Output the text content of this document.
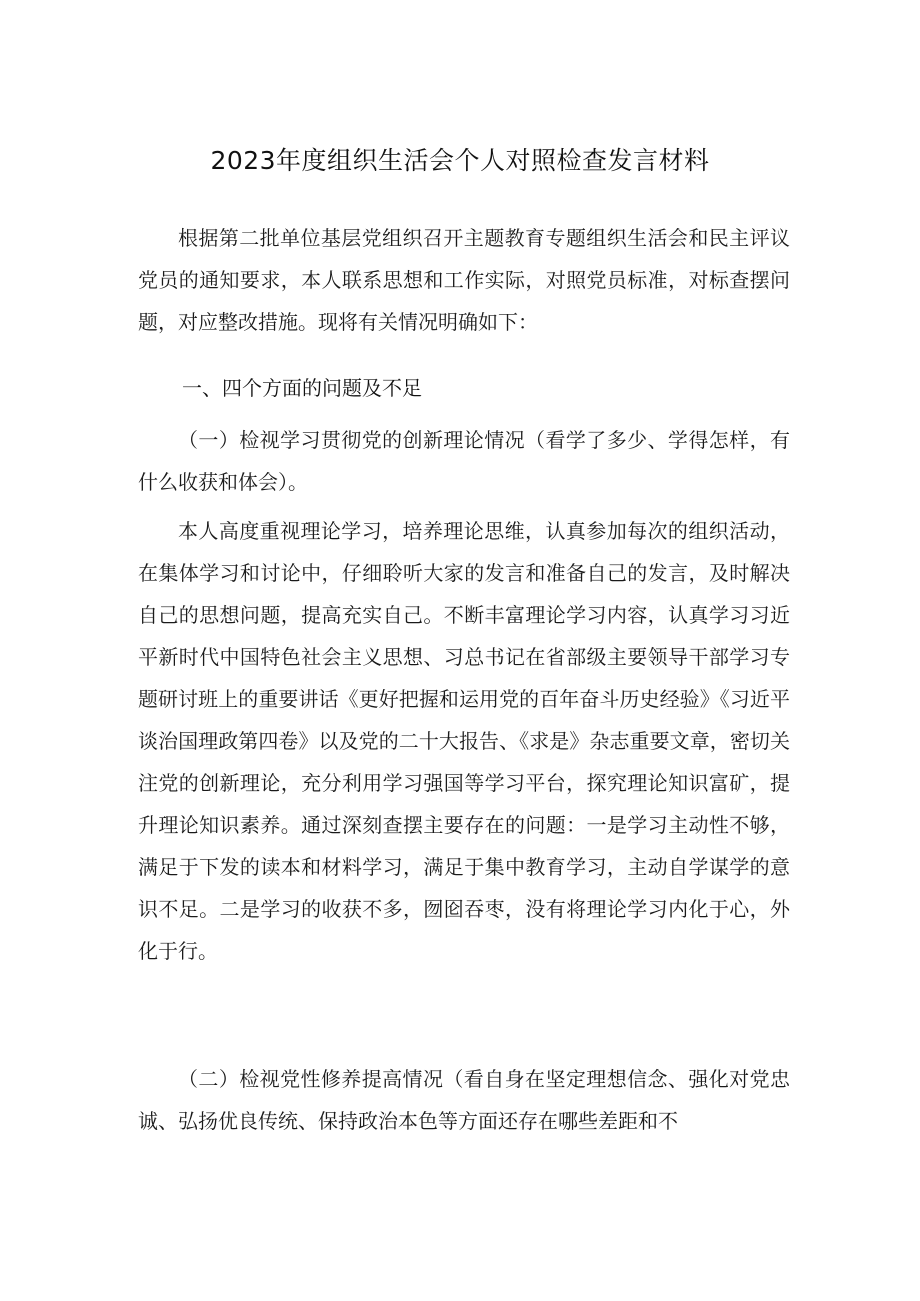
2023年度组织生活会个人对照检查发言材料

根据第二批单位基层党组织召开主题教育专题组织生活会和民主评议党员的通知要求，本人联系思想和工作实际，对照党员标准，对标查摆问题，对应整改措施。现将有关情况明确如下：

一、四个方面的问题及不足

（一）检视学习贯彻党的创新理论情况（看学了多少、学得怎样，有什么收获和体会）。

本人高度重视理论学习，培养理论思维，认真参加每次的组织活动，在集体学习和讨论中，仔细聆听大家的发言和准备自己的发言，及时解决自己的思想问题，提高充实自己。不断丰富理论学习内容，认真学习习近平新时代中国特色社会主义思想、习总书记在省部级主要领导干部学习专题研讨班上的重要讲话《更好把握和运用党的百年奋斗历史经验》《习近平谈治国理政第四卷》以及党的二十大报告、《求是》杂志重要文章，密切关注党的创新理论，充分利用学习强国等学习平台，探究理论知识富矿，提升理论知识素养。通过深刻查摆主要存在的问题：一是学习主动性不够，满足于下发的读本和材料学习，满足于集中教育学习，主动自学谋学的意识不足。二是学习的收获不多，囫囵吞枣，没有将理论学习内化于心，外化于行。

（二）检视党性修养提高情况（看自身在坚定理想信念、强化对党忠诚、弘扬优良传统、保持政治本色等方面还存在哪些差距和不
